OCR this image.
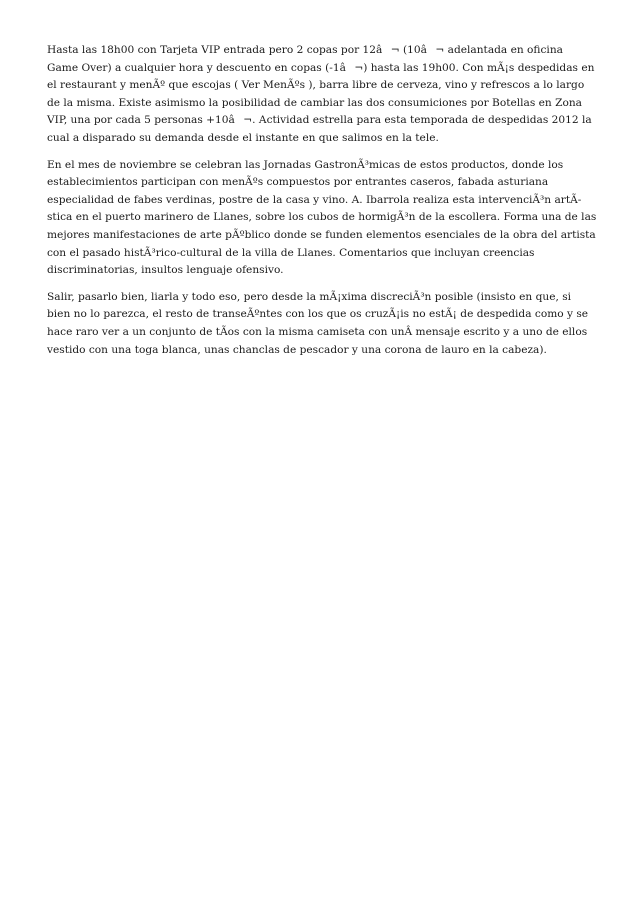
Hasta las 18h00 con Tarjeta VIP entrada pero 2 copas por 12â¬ (10â¬ adelantada en oficina Game Over) a cualquier hora y descuento en copas (-1â¬) hasta las 19h00. Con mÃ¡s despedidas en el restaurant y menÃº que escojas ( Ver MenÃºs ), barra libre de cerveza, vino y refrescos a lo largo de la misma. Existe asimismo la posibilidad de cambiar las dos consumiciones por Botellas en Zona VIP, una por cada 5 personas +10â¬. Actividad estrella para esta temporada de despedidas 2012 la cual a disparado su demanda desde el instante en que salimos en la tele.

En el mes de noviembre se celebran las Jornadas GastronÃ³micas de estos productos, donde los establecimientos participan con menÃºs compuestos por entrantes caseros, fabada asturiana especialidad de fabes verdinas, postre de la casa y vino. A. Ibarrola realiza esta intervenciÃ³n artÃstica en el puerto marinero de Llanes, sobre los cubos de hormigÃ³n de la escollera. Forma una de las mejores manifestaciones de arte pÃºblico donde se funden elementos esenciales de la obra del artista con el pasado histÃ³rico-cultural de la villa de Llanes. Comentarios que incluyan creencias discriminatorias, insultos lenguaje ofensivo.

Salir, pasarlo bien, liarla y todo eso, pero desde la mÃ¡xima discreciÃ³n posible (insisto en que, si bien no lo parezca, el resto de transeÃºntes con los que os cruzÃ¡is no estÃ¡ de despedida como y se hace raro ver a un conjunto de tÃos con la misma camiseta con unÂ mensaje escrito y a uno de ellos vestido con una toga blanca, unas chanclas de pescador y una corona de lauro en la cabeza).
